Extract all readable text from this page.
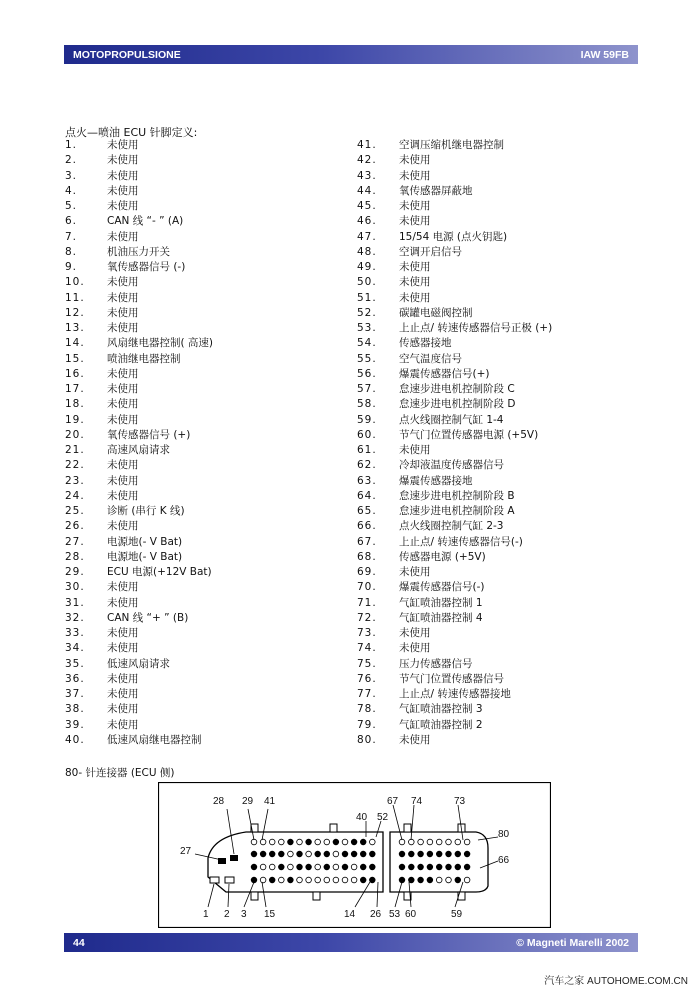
MOTOPROPULSIONE	IAW 59FB
点火—喷油 ECU 针脚定义:
1.	未使用
2.	未使用
3.	未使用
4.	未使用
5.	未使用
6.	CAN 线 “- ” (A)
7.	未使用
8.	机油压力开关
9.	氧传感器信号 (-)
10.	未使用
11.	未使用
12.	未使用
13.	未使用
14.	风扇继电器控制( 高速)
15.	喷油继电器控制
16.	未使用
17.	未使用
18.	未使用
19.	未使用
20.	氧传感器信号 (+)
21.	高速风扇请求
22.	未使用
23.	未使用
24.	未使用
25.	诊断 (串行 K 线)
26.	未使用
27.	电源地(- V Bat)
28.	电源地(- V Bat)
29.	ECU 电源(+12V Bat)
30.	未使用
31.	未使用
32.	CAN 线 “+ ” (B)
33.	未使用
34.	未使用
35.	低速风扇请求
36.	未使用
37.	未使用
38.	未使用
39.	未使用
40.	低速风扇继电器控制
41.	空调压缩机继电器控制
42.	未使用
43.	未使用
44.	氧传感器屏蔽地
45.	未使用
46.	未使用
47.	15/54 电源 (点火钥匙)
48.	空调开启信号
49.	未使用
50.	未使用
51.	未使用
52.	碳罐电磁阀控制
53.	上止点/ 转速传感器信号正极 (+)
54.	传感器接地
55.	空气温度信号
56.	爆震传感器信号(+)
57.	怠速步进电机控制阶段 C
58.	怠速步进电机控制阶段 D
59.	点火线圈控制气缸 1-4
60.	节气门位置传感器电源 (+5V)
61.	未使用
62.	冷却液温度传感器信号
63.	爆震传感器接地
64.	怠速步进电机控制阶段 B
65.	怠速步进电机控制阶段 A
66.	点火线圈控制气缸 2-3
67.	上止点/ 转速传感器信号(-)
68.	传感器电源 (+5V)
69.	未使用
70.	爆震传感器信号(-)
71.	气缸喷油器控制 1
72.	气缸喷油器控制 4
73.	未使用
74.	未使用
75.	压力传感器信号
76.	节气门位置传感器信号
77.	上止点/ 转速传感器接地
78.	气缸喷油器控制 3
79.	气缸喷油器控制 2
80.	未使用
80- 针连接器 (ECU 侧)
28 29 41
40 52
67 74	73
80
27
66
1 2 3 15	14 26 53 60	59
44	© Magneti Marelli 2002
汽车之家 AUTOHOME.COM.CN
